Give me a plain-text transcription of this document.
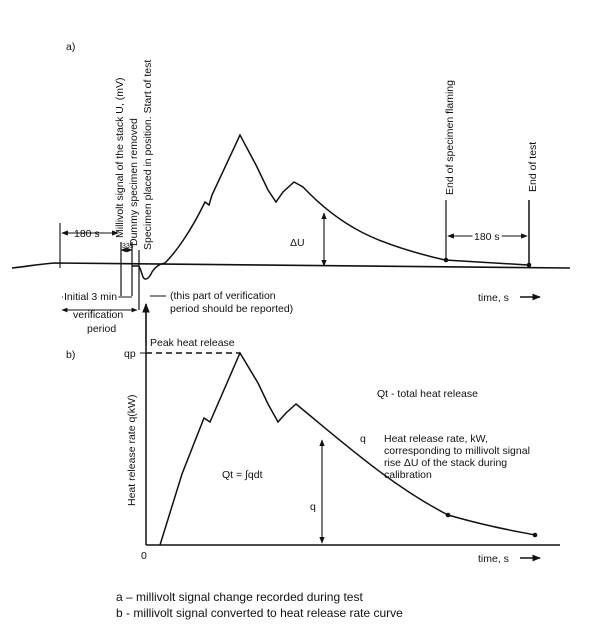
a)
time, s
180 s
33s
180 s
ΔU
Millivolt signal of the stack U, (mV) Dummy specimen removed Specimen placed in position. Start of test	End of specimen flaming	End of test
Initial 3 min
verification
period
(this part of verification
period should be reported)
b)
time, s
0
Heat release rate q(kW)
qp
Peak heat release
q
Qt - total heat release
q Heat release rate, kW,
corresponding to millivolt signal
rise ΔU of the stack during
calibration
Qt = ∫qdt
a – millivolt signal change recorded during test
b - millivolt signal converted to heat release rate curve
